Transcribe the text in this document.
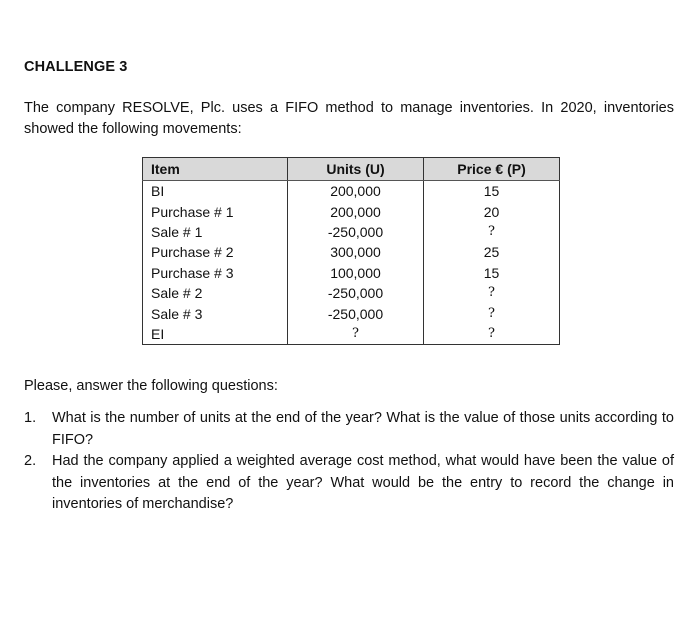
CHALLENGE 3
The company RESOLVE, Plc. uses a FIFO method to manage inventories. In 2020, inventories showed the following movements:
Item	Units (U)	Price € (P)
BI	200,000	15
Purchase # 1	200,000	20
Sale # 1	-250,000	?
Purchase # 2	300,000	25
Purchase # 3	100,000	15
Sale # 2	-250,000	?
Sale # 3	-250,000	?
EI	?	?
Please, answer the following questions:
1. What is the number of units at the end of the year? What is the value of those units according to FIFO?
2. Had the company applied a weighted average cost method, what would have been the value of the inventories at the end of the year? What would be the entry to record the change in inventories of merchandise?
